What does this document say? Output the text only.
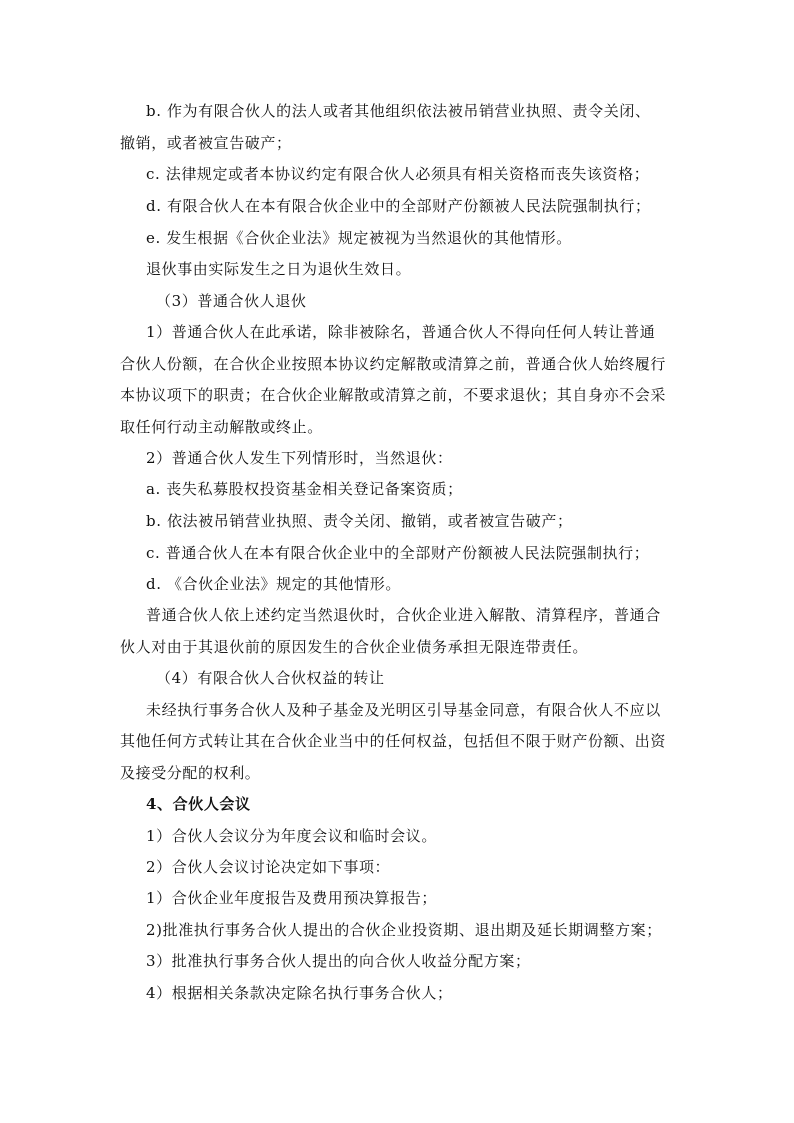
b. 作为有限合伙人的法人或者其他组织依法被吊销营业执照、责令关闭、
撤销，或者被宣告破产；
c. 法律规定或者本协议约定有限合伙人必须具有相关资格而丧失该资格；
d. 有限合伙人在本有限合伙企业中的全部财产份额被人民法院强制执行；
e. 发生根据《合伙企业法》规定被视为当然退伙的其他情形。
退伙事由实际发生之日为退伙生效日。
（3）普通合伙人退伙
1）普通合伙人在此承诺，除非被除名，普通合伙人不得向任何人转让普通
合伙人份额，在合伙企业按照本协议约定解散或清算之前，普通合伙人始终履行
本协议项下的职责；在合伙企业解散或清算之前，不要求退伙；其自身亦不会采
取任何行动主动解散或终止。
2）普通合伙人发生下列情形时，当然退伙：
a. 丧失私募股权投资基金相关登记备案资质；
b. 依法被吊销营业执照、责令关闭、撤销，或者被宣告破产；
c. 普通合伙人在本有限合伙企业中的全部财产份额被人民法院强制执行；
d. 《合伙企业法》规定的其他情形。
普通合伙人依上述约定当然退伙时，合伙企业进入解散、清算程序，普通合
伙人对由于其退伙前的原因发生的合伙企业债务承担无限连带责任。
（4）有限合伙人合伙权益的转让
未经执行事务合伙人及种子基金及光明区引导基金同意，有限合伙人不应以
其他任何方式转让其在合伙企业当中的任何权益，包括但不限于财产份额、出资
及接受分配的权利。
4、合伙人会议
1）合伙人会议分为年度会议和临时会议。
2）合伙人会议讨论决定如下事项：
1）合伙企业年度报告及费用预决算报告；
2)批准执行事务合伙人提出的合伙企业投资期、退出期及延长期调整方案；
3）批准执行事务合伙人提出的向合伙人收益分配方案；
4）根据相关条款决定除名执行事务合伙人；
